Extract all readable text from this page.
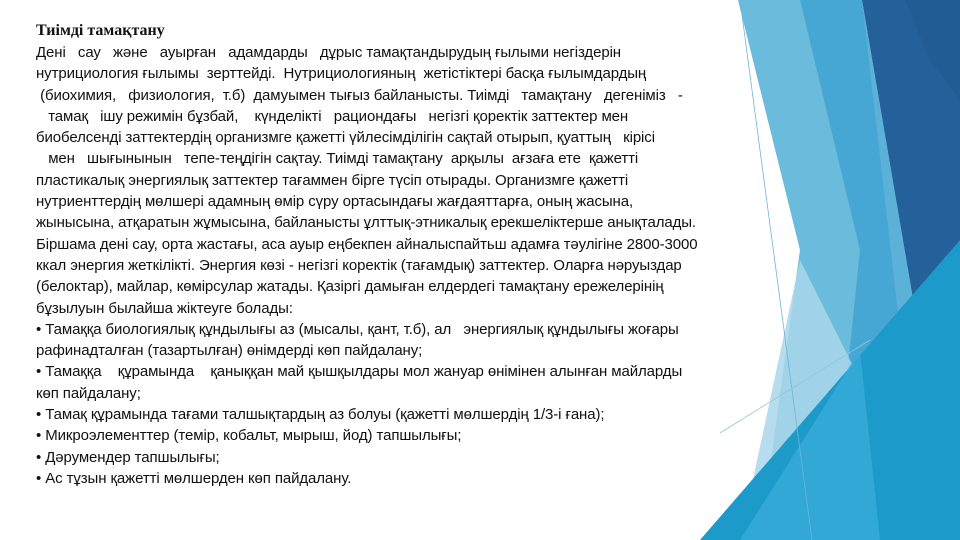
Тиімді тамақтану
Дені   сау   және   ауырған   адамдарды   дұрыс тамақтандырудың ғылыми негіздерін
нутрициология ғылымы  зерттейді.  Нутрициологияның  жетістіктері басқа ғылымдардың
(биохимия,   физиология,  т.б)  дамуымен тығыз байланысты. Тиімді   тамақтану   дегеніміз   -
тамақ   ішу режимін бұзбай,    күнделікті   рациондағы   негізгі қоректік заттектер мен
биобелсенді заттектердің организмге қажетті үйлесімділігін сақтай отырып, қуаттың   кірісі
мен   шығынынын   тепе-теңдігін сақтау. Тиімді тамақтану  арқылы  ағзаға ете  қажетті
пластикалық энергиялық заттектер тағаммен бірге түсіп отырады. Организмге қажетті
нутриенттердің мөлшері адамның өмір сүру ортасындағы жағдаяттарға, оның жасына,
жынысына, атқаратын жұмысына, байланысты ұлттық-этникалық ерекшеліктерше анықталады.
Біршама дені сау, орта жастағы, аса ауыр еңбекпен айналыспайтьш адамға тәулігіне 2800-3000
ккал энергия жеткілікті. Энергия көзі - негізгі коректік (тағамдық) заттектер. Оларға нәруыздар
(белоктар), майлар, көмірсулар жатады. Қазіргі дамыған елдердегі тамақтану ережелерінің
бұзылуын былайша жіктеуге болады:
• Тамаққа биологиялық құндылығы аз (мысалы, қант, т.б), ал   энергиялық құндылығы жоғары
рафинадталған (тазартылған) өнімдерді көп пайдалану;
• Тамаққа    құрамында    қаныққан май қышқылдары мол жануар өнімінен алынған майларды
көп пайдалану;
• Тамақ құрамында тағами талшықтардың аз болуы (қажетті мөлшердің 1/3-і ғана);
• Микроэлементтер (темір, кобальт, мырыш, йод) тапшылығы;
• Дәрумендер тапшылығы;
• Ас тұзын қажетті мөлшерден көп пайдалану.
